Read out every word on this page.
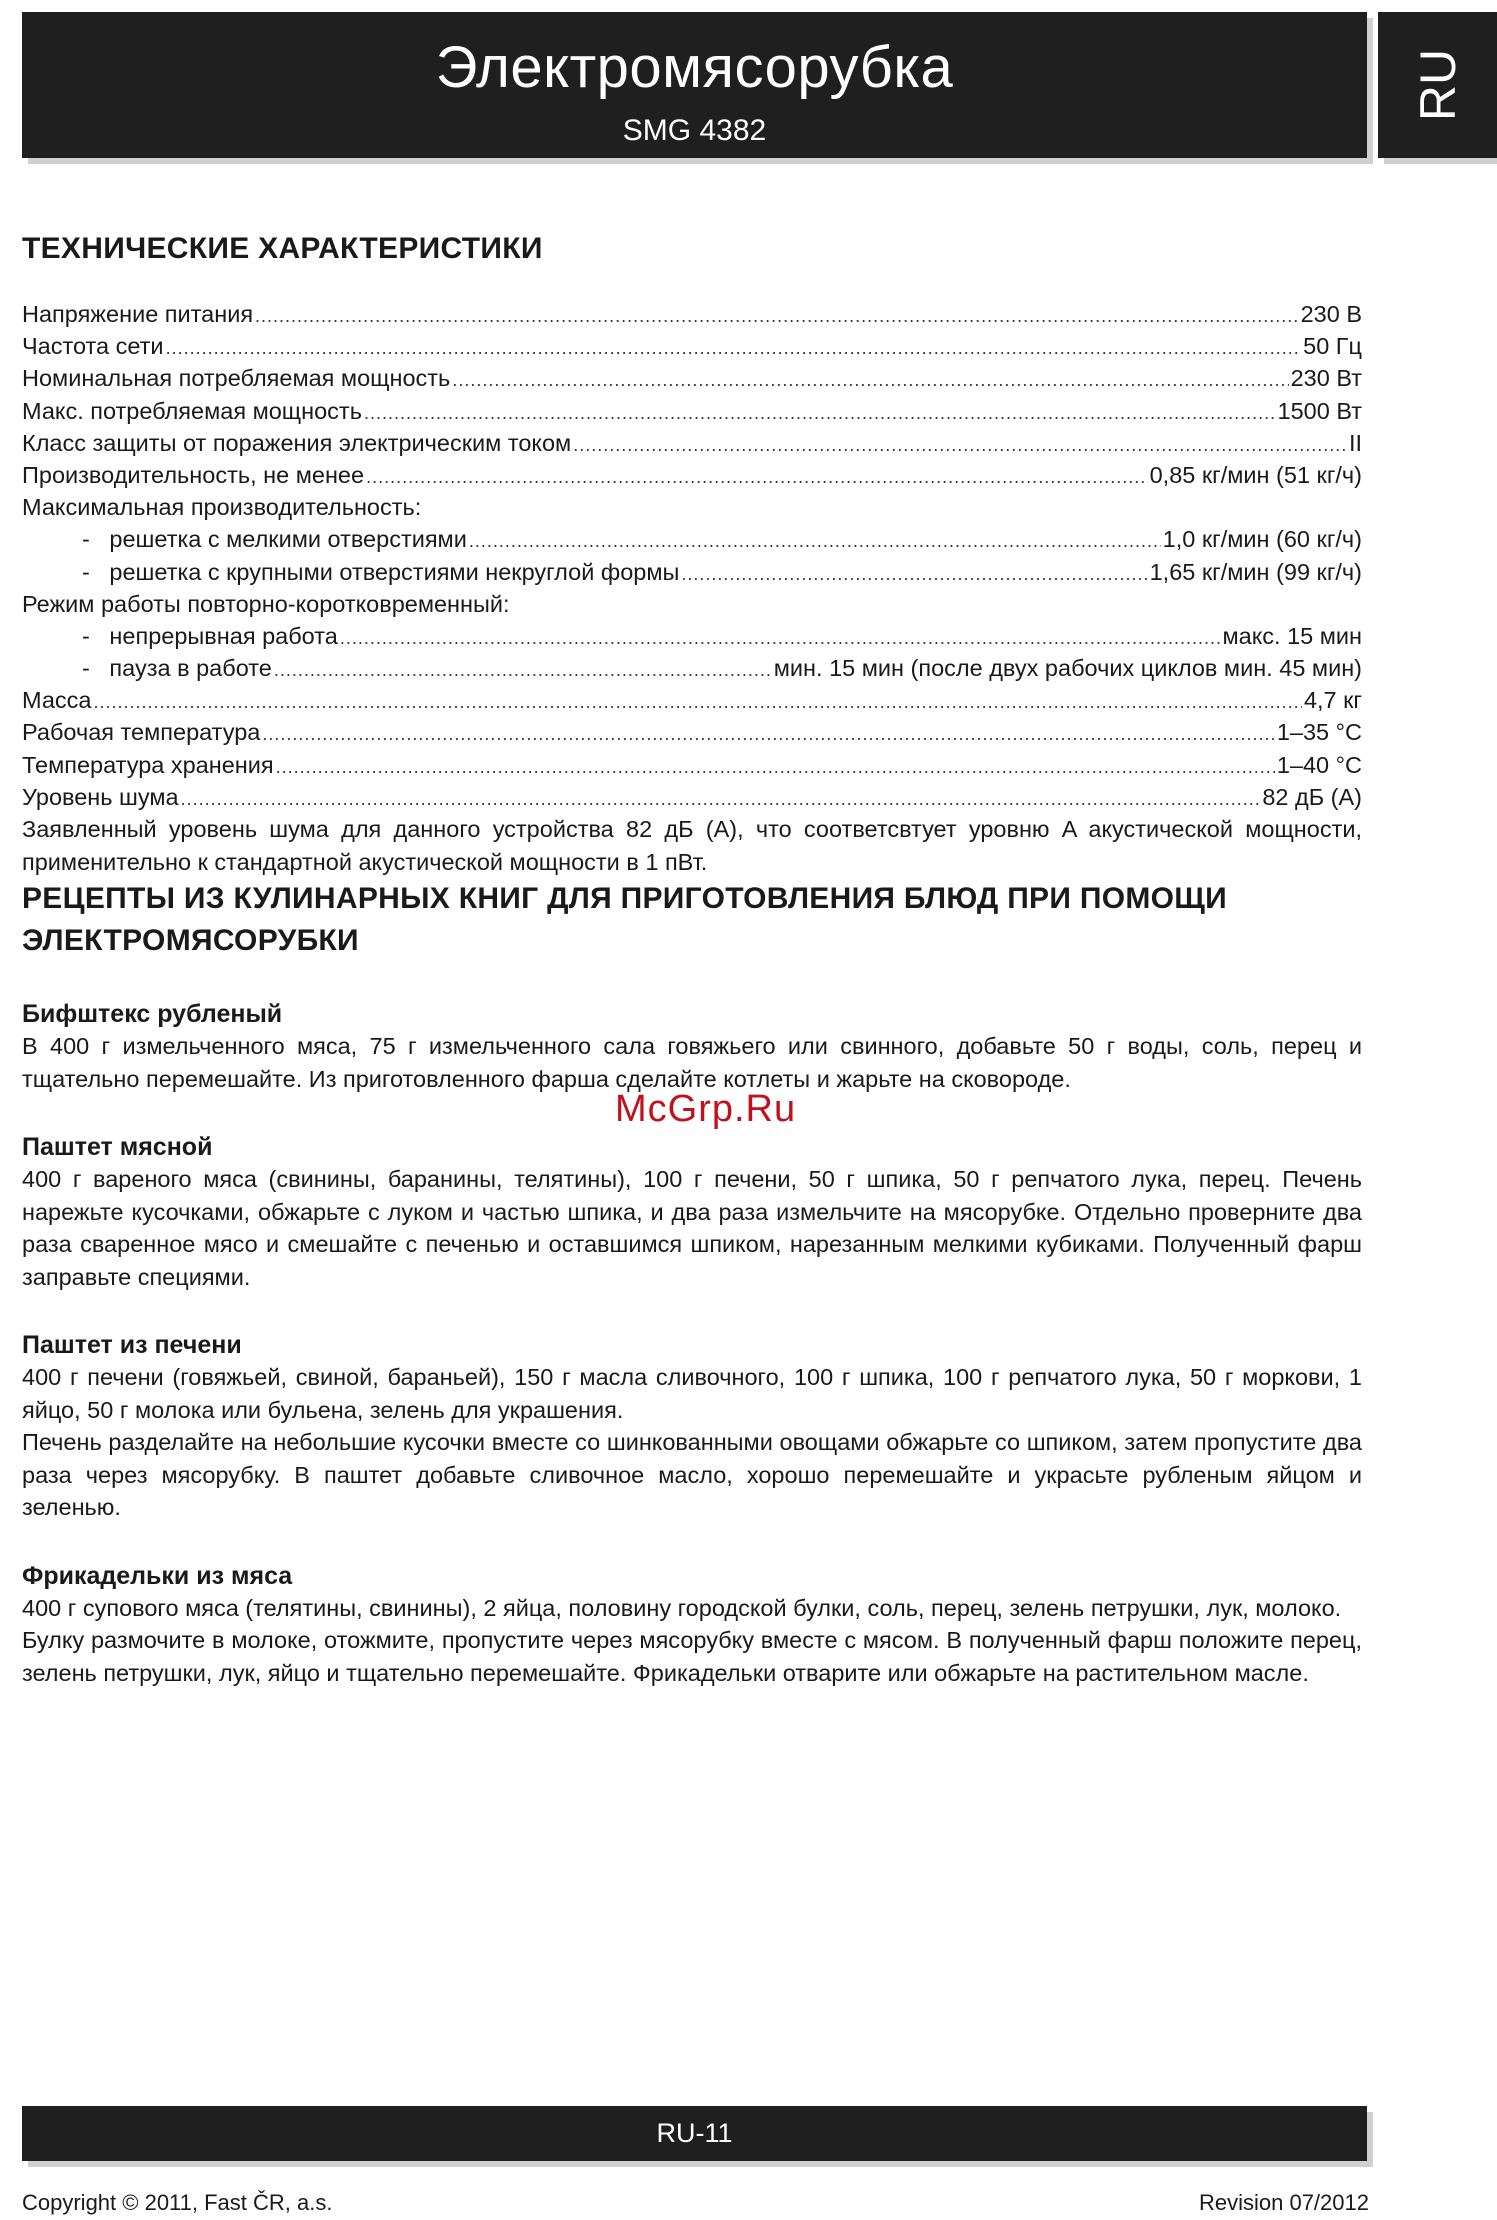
Электромясорубка
SMG 4382
RU
ТЕХНИЧЕСКИЕ ХАРАКТЕРИСТИКИ
Напряжение питания .....	230 В
Частота сети .....	50 Гц
Номинальная потребляемая мощность .....	230 Вт
Макс. потребляемая мощность .....	1500 Вт
Класс защиты от поражения электрическим током .....	II
Производительность, не менее .....	0,85 кг/мин (51 кг/ч)
Максимальная производительность:
-   решетка с мелкими отверстиями .....	1,0 кг/мин (60 кг/ч)
-   решетка с крупными отверстиями некруглой формы .....	1,65 кг/мин (99 кг/ч)
Режим работы повторно-коротковременный:
-   непрерывная работа .....	макс. 15 мин
-   пауза в работе .....	мин. 15 мин (после двух рабочих циклов мин. 45 мин)
Масса .....	4,7 кг
Рабочая температура .....	1–35 °C
Температура хранения .....	1–40 °C
Уровень шума .....	82 дБ (A)

Заявленный уровень шума для данного устройства 82 дБ (A), что соответсвтует уровню A акустической мощности, применительно к стандартной акустической мощности в 1 пВт.

РЕЦЕПТЫ ИЗ КУЛИНАРНЫХ КНИГ ДЛЯ ПРИГОТОВЛЕНИЯ БЛЮД ПРИ ПОМОЩИ ЭЛЕКТРОМЯСОРУБКИ
Бифштекс рубленый

В 400 г измельченного мяса, 75 г измельченного сала говяжьего или свинного, добавьте 50 г воды, соль, перец и тщательно перемешайте. Из приготовленного фарша сделайте котлеты и жарьте на сковороде.

Паштет мясной

400 г вареного мяса (свинины, баранины, телятины), 100 г печени, 50 г шпика, 50 г репчатого лука, перец. Печень нарежьте кусочками, обжарьте с луком и частью шпика, и два раза измельчите на мясорубке. Отдельно проверните два раза сваренное мясо и смешайте с печенью и оставшимся шпиком, нарезанным мелкими кубиками. Полученный фарш заправьте специями.

Паштет из печени

400 г печени (говяжьей, свиной, бараньей), 150 г масла сливочного, 100 г шпика, 100 г репчатого лука, 50 г моркови, 1 яйцо, 50 г молока или бульена, зелень для украшения.

Печень разделайте на небольшие кусочки вместе со шинкованными овощами обжарьте со шпиком, затем пропустите два раза через мясорубку. В паштет добавьте сливочное масло, хорошо перемешайте и украсьте рубленым яйцом и зеленью.

Фрикадельки из мяса

400 г супового мяса (телятины, свинины), 2 яйца, половину городской булки, соль, перец, зелень петрушки, лук, молоко.

Булку размочите в молоке, отожмите, пропустите через мясорубку вместе с мясом. В полученный фарш положите перец, зелень петрушки, лук, яйцо и тщательно перемешайте. Фрикадельки отварите или обжарьте на растительном масле.

McGrp.Ru
RU-11
Copyright © 2011, Fast ČR, a.s.	Revision 07/2012
